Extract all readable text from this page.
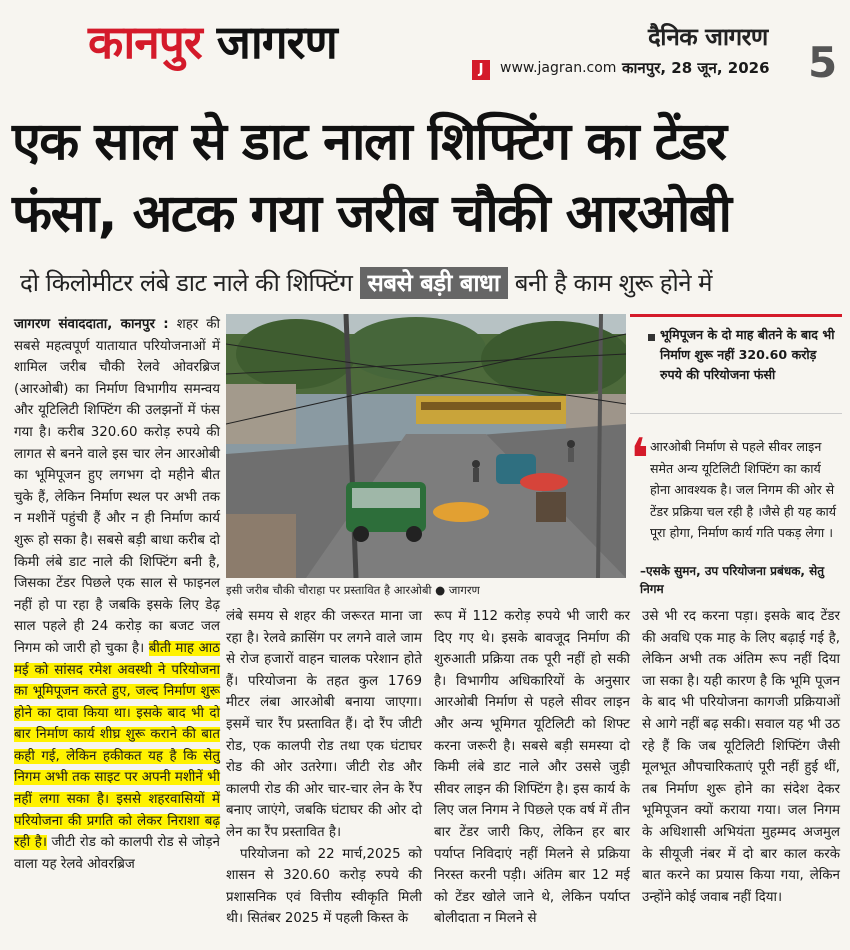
कानपुर जागरण
J	www.jagran.com
दैनिक जागरण
कानपुर, 28 जून, 2026 5
एक साल से डाट नाला शिफ्टिंग का टेंडर
फंसा, अटक गया जरीब चौकी आरओबी
दो किलोमीटर लंबे डाट नाले की शिफ्टिंग सबसे बड़ी बाधा बनी है काम शुरू होने में
जागरण संवाददाता, कानपुर : शहर की सबसे महत्वपूर्ण यातायात परियोजनाओं में शामिल जरीब चौकी रेलवे ओवरब्रिज (आरओबी) का निर्माण विभागीय समन्वय और यूटिलिटी शिफ्टिंग की उलझनों में फंस गया है। करीब 320.60 करोड़ रुपये की लागत से बनने वाले इस चार लेन आरओबी का भूमिपूजन हुए लगभग दो महीने बीत चुके हैं, लेकिन निर्माण स्थल पर अभी तक न मशीनें पहुंची हैं और न ही निर्माण कार्य शुरू हो सका है। सबसे बड़ी बाधा करीब दो किमी लंबे डाट नाले की शिफ्टिंग बनी है, जिसका टेंडर पिछले एक साल से फाइनल नहीं हो पा रहा है जबकि इसके लिए डेढ़ साल पहले ही 24 करोड़ का बजट जल निगम को जारी हो चुका है। बीती माह आठ मई को सांसद रमेश अवस्थी ने परियोजना का भूमिपूजन करते हुए, जल्द निर्माण शुरू होने का दावा किया था। इसके बाद भी दो बार निर्माण कार्य शीघ्र शुरू कराने की बात कही गई, लेकिन हकीकत यह है कि सेतु निगम अभी तक साइट पर अपनी मशीनें भी नहीं लगा सका है। इससे शहरवासियों में परियोजना की प्रगति को लेकर निराशा बढ़ रही है। जीटी रोड को कालपी रोड से जोड़ने वाला यह रेलवे ओवरब्रिज
इसी जरीब चौकी चौराहा पर प्रस्तावित है आरओबी ● जागरण
भूमिपूजन के दो माह बीतने के बाद भी निर्माण शुरू नहीं 320.60 करोड़ रुपये की परियोजना फंसी
❛ आरओबी निर्माण से पहले सीवर लाइन समेत अन्य यूटिलिटी शिफ्टिंग का कार्य होना आवश्यक है। जल निगम की ओर से टेंडर प्रक्रिया चल रही है ।जैसे ही यह कार्य पूरा होगा, निर्माण कार्य गति पकड़ लेगा ।
–एसके सुमन, उप परियोजना प्रबंधक, सेतु निगम
लंबे समय से शहर की जरूरत माना जा रहा है। रेलवे क्रासिंग पर लगने वाले जाम से रोज हजारों वाहन चालक परेशान होते हैं। परियोजना के तहत कुल 1769 मीटर लंबा आरओबी बनाया जाएगा। इसमें चार रैंप प्रस्तावित हैं। दो रैंप जीटी रोड, एक कालपी रोड तथा एक घंटाघर रोड की ओर उतरेगा। जीटी रोड और कालपी रोड की ओर चार-चार लेन के रैंप बनाए जाएंगे, जबकि घंटाघर की ओर दो लेन का रैंप प्रस्तावित है।
परियोजना को 22 मार्च,2025 को शासन से 320.60 करोड़ रुपये की प्रशासनिक एवं वित्तीय स्वीकृति मिली थी। सितंबर 2025 में पहली किस्त के
रूप में 112 करोड़ रुपये भी जारी कर दिए गए थे। इसके बावजूद निर्माण की शुरुआती प्रक्रिया तक पूरी नहीं हो सकी है। विभागीय अधिकारियों के अनुसार आरओबी निर्माण से पहले सीवर लाइन और अन्य भूमिगत यूटिलिटी को शिफ्ट करना जरूरी है। सबसे बड़ी समस्या दो किमी लंबे डाट नाले और उससे जुड़ी सीवर लाइन की शिफ्टिंग है। इस कार्य के लिए जल निगम ने पिछले एक वर्ष में तीन बार टेंडर जारी किए, लेकिन हर बार पर्याप्त निविदाएं नहीं मिलने से प्रक्रिया निरस्त करनी पड़ी। अंतिम बार 12 मई को टेंडर खोले जाने थे, लेकिन पर्याप्त बोलीदाता न मिलने से
उसे भी रद करना पड़ा। इसके बाद टेंडर की अवधि एक माह के लिए बढ़ाई गई है, लेकिन अभी तक अंतिम रूप नहीं दिया जा सका है। यही कारण है कि भूमि पूजन के बाद भी परियोजना कागजी प्रक्रियाओं से आगे नहीं बढ़ सकी। सवाल यह भी उठ रहे हैं कि जब यूटिलिटी शिफ्टिंग जैसी मूलभूत औपचारिकताएं पूरी नहीं हुई थीं, तब निर्माण शुरू होने का संदेश देकर भूमिपूजन क्यों कराया गया। जल निगम के अधिशासी अभियंता मुहम्मद अजमुल के सीयूजी नंबर में दो बार काल करके बात करने का प्रयास किया गया, लेकिन उन्होंने कोई जवाब नहीं दिया।
